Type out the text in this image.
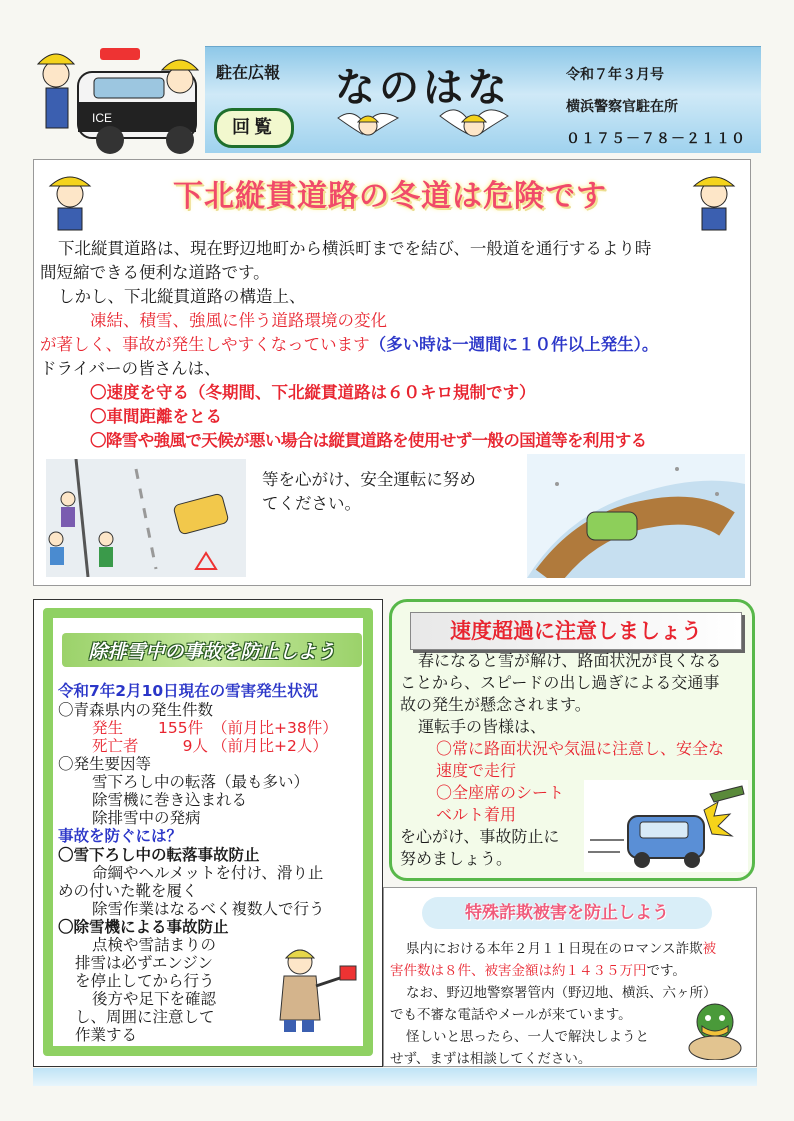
ICE
駐在広報
回覧
なのはな	令和７年３月号
横浜警察官駐在所
０１７５－７８－２１１０
下北縦貫道路の冬道は危険です
下北縦貫道路は、現在野辺地町から横浜町までを結び、一般道を通行するより時
間短縮できる便利な道路です。
しかし、下北縦貫道路の構造上、
凍結、積雪、強風に伴う道路環境の変化
が著しく、事故が発生しやすくなっています（多い時は一週間に１０件以上発生）。
ドライバーの皆さんは、
〇速度を守る（冬期間、下北縦貫道路は６０キロ規制です）
〇車間距離をとる
〇降雪や強風で天候が悪い場合は縦貫道路を使用せず一般の国道等を利用する
等を心がけ、安全運転に努め
てください。
除排雪中の事故を防止しよう
令和7年2月10日現在の雪害発生状況
〇青森県内の発生件数
発生 155件 （前月比+38件）
死亡者	9人 （前月比+2人）
〇発生要因等
雪下ろし中の転落（最も多い）
除雪機に巻き込まれる
除排雪中の発病
事故を防ぐには？
〇雪下ろし中の転落事故防止
命綱やヘルメットを付け、滑り止
めの付いた靴を履く
除雪作業はなるべく複数人で行う
〇除雪機による事故防止
点検や雪詰まりの
排雪は必ずエンジン
を停止してから行う
後方や足下を確認
し、周囲に注意して
作業する
速度超過に注意しましょう
春になると雪が解け、路面状況が良くなる
ことから、スピードの出し過ぎによる交通事
故の発生が懸念されます。
運転手の皆様は、
〇常に路面状況や気温に注意し、安全な
速度で走行
〇全座席のシート
ベルト着用
を心がけ、事故防止に
努めましょう。
特殊詐欺被害を防止しよう
県内における本年２月１１日現在のロマンス詐欺被
害件数は８件、被害金額は約１４３５万円です。
なお、野辺地警察署管内（野辺地、横浜、六ヶ所）
でも不審な電話やメールが来ています。
怪しいと思ったら、一人で解決しようと
せず、まずは相談してください。
